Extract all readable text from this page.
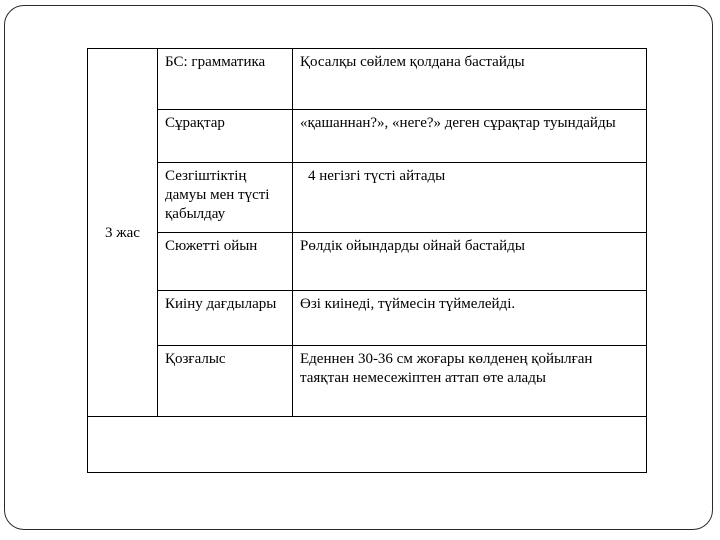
3 жас	БС: грамматика	Қосалқы сөйлем қолдана бастайды
	Сұрақтар	«қашаннан?», «неге?» деген сұрақтар туындайды
	Сезгіштіктің дамуы мен түсті қабылдау	4 негізгі түсті айтады
	Сюжетті ойын	Рөлдік ойындарды ойнай бастайды
	Киіну дағдылары	Өзі киінеді, түймесін түймелейді.
	Қозғалыс	Еденнен 30-36 см жоғары көлденең қойылған таяқтан немесежіптен аттап өте алады
